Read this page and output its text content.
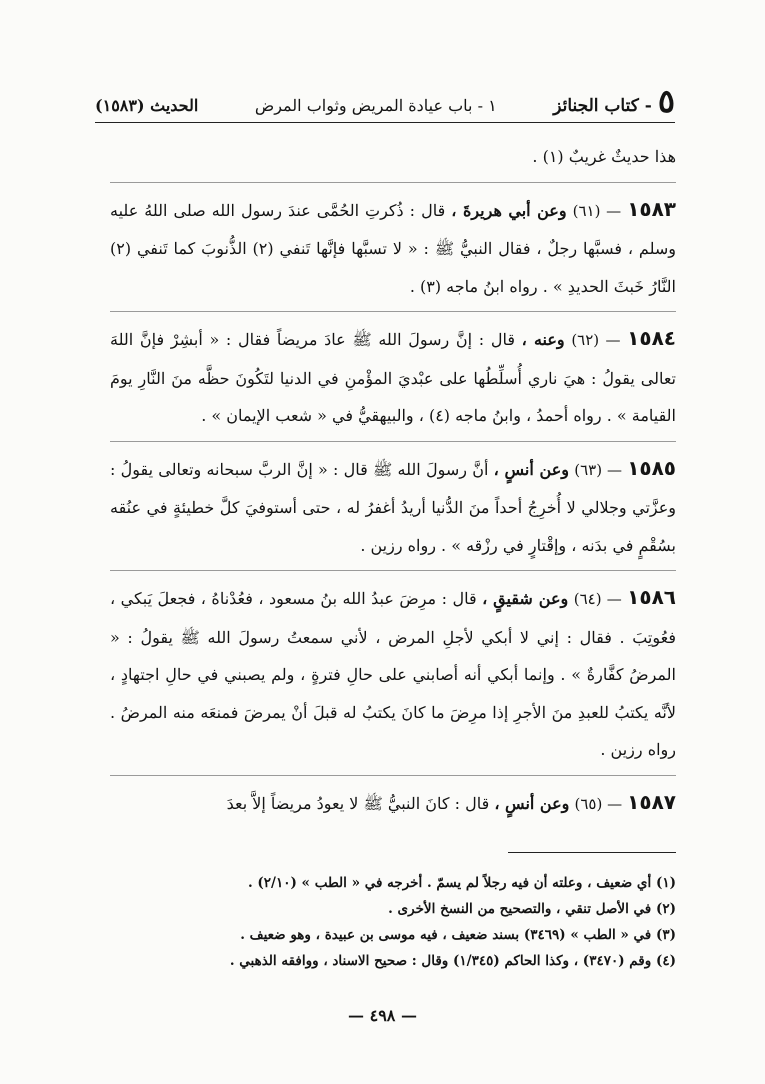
٥
- كتاب الجنائز
١ - باب عيادة المريض وثواب المرض
الحديث (١٥٨٣)

هذا حديثٌ غريبٌ (١) .

١٥٨٣ — (٦١) وعن أبي هريرةَ ، قال : ذُكرتِ الحُمَّى عندَ رسول الله صلى اللهُ عليه وسلم ، فسبَّها رجلٌ ، فقال النبيُّ ﷺ : « لا تسبَّها فإنَّها تَنفي (٢) الذُّنوبَ كما تَنفي (٢) النَّارُ خَبثَ الحديدِ » . رواه ابنُ ماجه (٣) .

١٥٨٤ — (٦٢) وعنه ، قال : إنَّ رسولَ الله ﷺ عادَ مريضاً فقال : « أبشِرْ فإنَّ اللهَ تعالى يقولُ : هيَ ناري أُسلِّطُها على عبْديَ المؤْمنِ في الدنيا لتَكُونَ حظَّه منَ النَّارِ يومَ القيامة » . رواه أحمدُ ، وابنُ ماجه (٤) ، والبيهقيُّ في « شعب الإيمان » .

١٥٨٥ — (٦٣) وعن أنسٍ ، أنَّ رسولَ الله ﷺ قال : « إنَّ الربَّ سبحانه وتعالى يقولُ : وعزَّتي وجلالي لا أُخرِجُ أحداً منَ الدُّنيا أريدُ أغفرُ له ، حتى أستوفيَ كلَّ خطيئةٍ في عنُقه بسُقْمٍ في بدَنه ، وإقْتارٍ في رزْقه » . رواه رزين .

١٥٨٦ — (٦٤) وعن شقيقٍ ، قال : مرِضَ عبدُ الله بنُ مسعود ، فعُدْناهُ ، فجعلَ يَبكي ، فعُوتِبَ . فقال : إني لا أبكي لأجلِ المرض ، لأني سمعتُ رسولَ الله ﷺ يقولُ : « المرضُ كفَّارةٌ » . وإنما أبكي أنه أصابني على حالِ فترةٍ ، ولم يصبني في حالِ اجتهادٍ ، لأنَّه يكتبُ للعبدِ منَ الأجرِ إذا مرِضَ ما كانَ يكتبُ له قبلَ أنْ يمرضَ فمنعَه منه المرضُ . رواه رزين .

١٥٨٧ — (٦٥) وعن أنسٍ ، قال : كانَ النبيُّ ﷺ لا يعودُ مريضاً إلاَّ بعدَ

(١) أي ضعيف ، وعلته أن فيه رجلاً لم يسمّ . أخرجه في « الطب » (٢/١٠) .
(٢) في الأصل تنقي ، والتصحيح من النسخ الأخرى .
(٣) في « الطب » (٣٤٦٩) بسند ضعيف ، فيه موسى بن عبيدة ، وهو ضعيف .
(٤) وقم (٣٤٧٠) ، وكذا الحاكم (١/٣٤٥) وقال : صحيح الاسناد ، ووافقه الذهبي .
— ٤٩٨ —
